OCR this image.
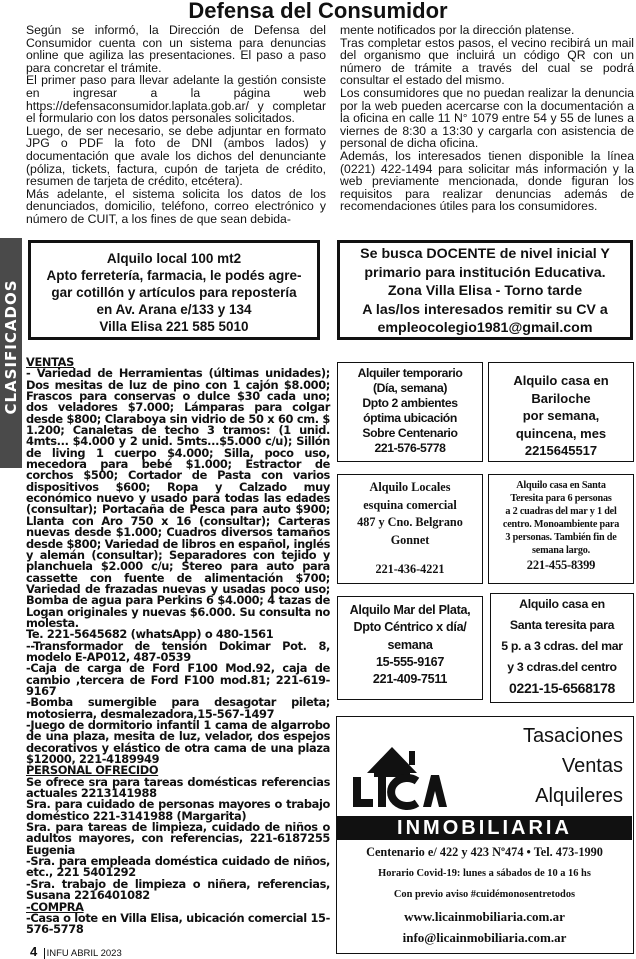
Defensa del Consumidor

Según se informó, la Dirección de Defensa del Consumidor cuenta con un sistema para denuncias online que agiliza las presentaciones. El paso a paso para concretar el trámite.

El primer paso para llevar adelante la gestión consiste en ingresar a la página web https://defensaconsumidor.laplata.gob.ar/ y completar el formulario con los datos personales solicitados.

Luego, de ser necesario, se debe adjuntar en formato JPG o PDF la foto de DNI (ambos lados) y documentación que avale los dichos del denunciante (póliza, tickets, factura, cupón de tarjeta de crédito, resumen de tarjeta de crédito, etcétera).

Más adelante, el sistema solicita los datos de los denunciados, domicilio, teléfono, correo electrónico y número de CUIT, a los fines de que sean debida-

mente notificados por la dirección platense.

Tras completar estos pasos, el vecino recibirá un mail del organismo que incluirá un código QR con un número de trámite a través del cual se podrá consultar el estado del mismo.

Los consumidores que no puedan realizar la denuncia por la web pueden acercarse con la documentación a la oficina en calle 11 N° 1079 entre 54 y 55 de lunes a viernes de 8:30 a 13:30 y cargarla con asistencia de personal de dicha oficina.

Además, los interesados tienen disponible la línea (0221) 422-1494 para solicitar más información y la web previamente mencionada, donde figuran los requisitos para realizar denuncias además de recomendaciones útiles para los consumidores.

CLASIFICADOS
Alquilo local 100 mt2
Apto ferretería, farmacia, le podés agre-
gar cotillón y artículos para repostería
en Av. Arana e/133 y 134
Villa Elisa 221 585 5010
Se busca DOCENTE de nivel inicial Y
primario para institución Educativa.
Zona Villa Elisa - Torno tarde
A las/los interesados remitir su CV a
empleocolegio1981@gmail.com

VENTAS

- Variedad de Herramientas (últimas unidades); Dos mesitas de luz de pino con 1 cajón $8.000; Frascos para conservas o dulce $30 cada uno; dos veladores $7.000; Lámparas para colgar desde $800; Claraboya sin vidrio de 50 x 60 cm. $ 1.200; Canaletas de techo 3 tramos: (1 unid. 4mts... $4.000 y 2 unid. 5mts...$5.000 c/u); Sillón de living 1 cuerpo $4.000; Silla, poco uso, mecedora para bebé $1.000; Estractor de corchos $500; Cortador de Pasta con varios dispositivos $600; Ropa y Calzado muy económico nuevo y usado para todas las edades (consultar); Portacaña de Pesca para auto $900; Llanta con Aro 750 x 16 (consultar); Carteras nuevas desde $1.000; Cuadros diversos tamaños desde $800; Variedad de libros en español, inglés y alemán (consultar); Separadores con tejido y planchuela $2.000 c/u; Stereo para auto para cassette con fuente de alimentación $700; Variedad de frazadas nuevas y usadas poco uso; Bomba de agua para Perkins 6 $4.000; 4 tazas de Logan originales y nuevas $6.000. Su consulta no molesta.

Te. 221-5645682 (whatsApp) o 480-1561

--Transformador de tensión Dokimar Pot. 8, modelo E-AP012, 487-0539

-Caja de carga de Ford F100 Mod.92, caja de cambio ,tercera de Ford F100 mod.81; 221-619-9167

-Bomba sumergible para desagotar pileta; motosierra, desmalezadora,15-567-1497

-Juego de dormitorio infantil 1 cama de algarrobo de una plaza, mesita de luz, velador, dos espejos decorativos y elástico de otra cama de una plaza $12000, 221-4189949

PERSONAL OFRECIDO

Se ofrece sra para tareas domésticas referencias actuales 2213141988

Sra. para cuidado de personas mayores o trabajo doméstico 221-3141988 (Margarita)

Sra. para tareas de limpieza, cuidado de niños o adultos mayores, con referencias, 221-6187255 Eugenia

-Sra. para empleada doméstica cuidado de niños, etc., 221 5401292

-Sra. trabajo de limpieza o niñera, referencias, Susana 2216401082

-COMPRA

-Casa o lote en Villa Elisa, ubicación comercial 15-576-5778

Alquiler temporario
(Día, semana)
Dpto 2 ambientes
óptima ubicación
Sobre Centenario
221-576-5778
Alquilo casa en
Bariloche
por semana,
quincena, mes
2215645517
Alquilo Locales
esquina comercial
487 y Cno. Belgrano
Gonnet
221-436-4221
Alquilo casa en Santa
Teresita para 6 personas
a 2 cuadras del mar y 1 del
centro. Monoambiente para
3 personas. También fin de
semana largo.
221-455-8399
Alquilo Mar del Plata,
Dpto Céntrico x día/
semana
15-555-9167
221-409-7511
Alquilo casa en
Santa teresita para
5 p. a 3 cdras. del mar
y 3 cdras.del centro
0221-15-6568178
Tasaciones
Ventas
Alquileres
INMOBILIARIA
Centenario e/ 422 y 423 Nº474 • Tel. 473-1990
Horario Covid-19: lunes a sábados de 10 a 16 hs
Con previo aviso #cuidémonosentretodos
www.licainmobiliaria.com.ar
info@licainmobiliaria.com.ar
4 INFU ABRIL 2023
